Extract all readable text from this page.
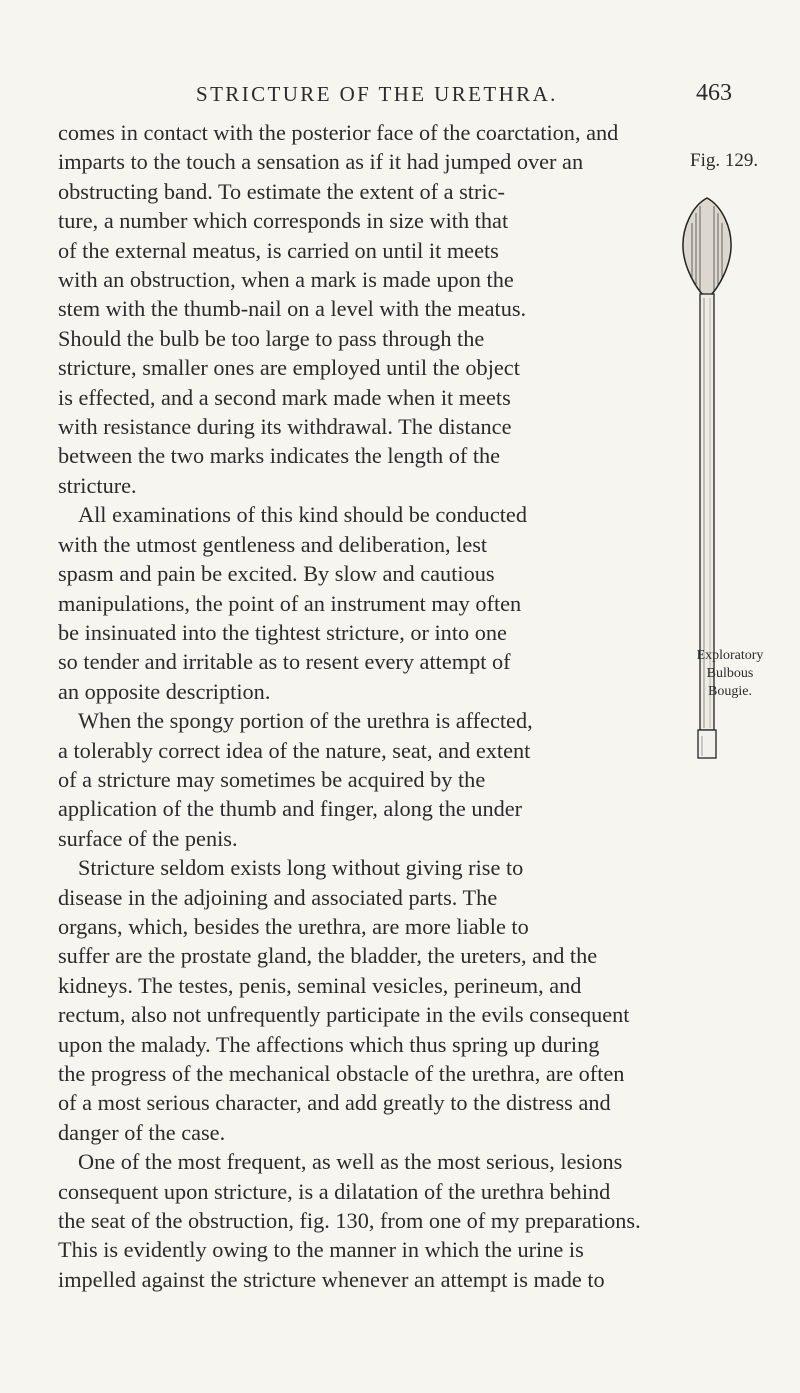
STRICTURE OF THE URETHRA.	463
Fig. 129.
Exploratory
Bulbous
Bougie.
comes in contact with the posterior face of the coarctation, and
imparts to the touch a sensation as if it had jumped over an
obstructing band. To estimate the extent of a stric-
ture, a number which corresponds in size with that
of the external meatus, is carried on until it meets
with an obstruction, when a mark is made upon the
stem with the thumb-nail on a level with the meatus.
Should the bulb be too large to pass through the
stricture, smaller ones are employed until the object
is effected, and a second mark made when it meets
with resistance during its withdrawal. The distance
between the two marks indicates the length of the
stricture.
All examinations of this kind should be conducted
with the utmost gentleness and deliberation, lest
spasm and pain be excited. By slow and cautious
manipulations, the point of an instrument may often
be insinuated into the tightest stricture, or into one
so tender and irritable as to resent every attempt of
an opposite description.
When the spongy portion of the urethra is affected,
a tolerably correct idea of the nature, seat, and extent
of a stricture may sometimes be acquired by the
application of the thumb and finger, along the under
surface of the penis.
Stricture seldom exists long without giving rise to
disease in the adjoining and associated parts. The
organs, which, besides the urethra, are more liable to
suffer are the prostate gland, the bladder, the ureters, and the
kidneys. The testes, penis, seminal vesicles, perineum, and
rectum, also not unfrequently participate in the evils consequent
upon the malady. The affections which thus spring up during
the progress of the mechanical obstacle of the urethra, are often
of a most serious character, and add greatly to the distress and
danger of the case.
One of the most frequent, as well as the most serious, lesions
consequent upon stricture, is a dilatation of the urethra behind
the seat of the obstruction, fig. 130, from one of my preparations.
This is evidently owing to the manner in which the urine is
impelled against the stricture whenever an attempt is made to
